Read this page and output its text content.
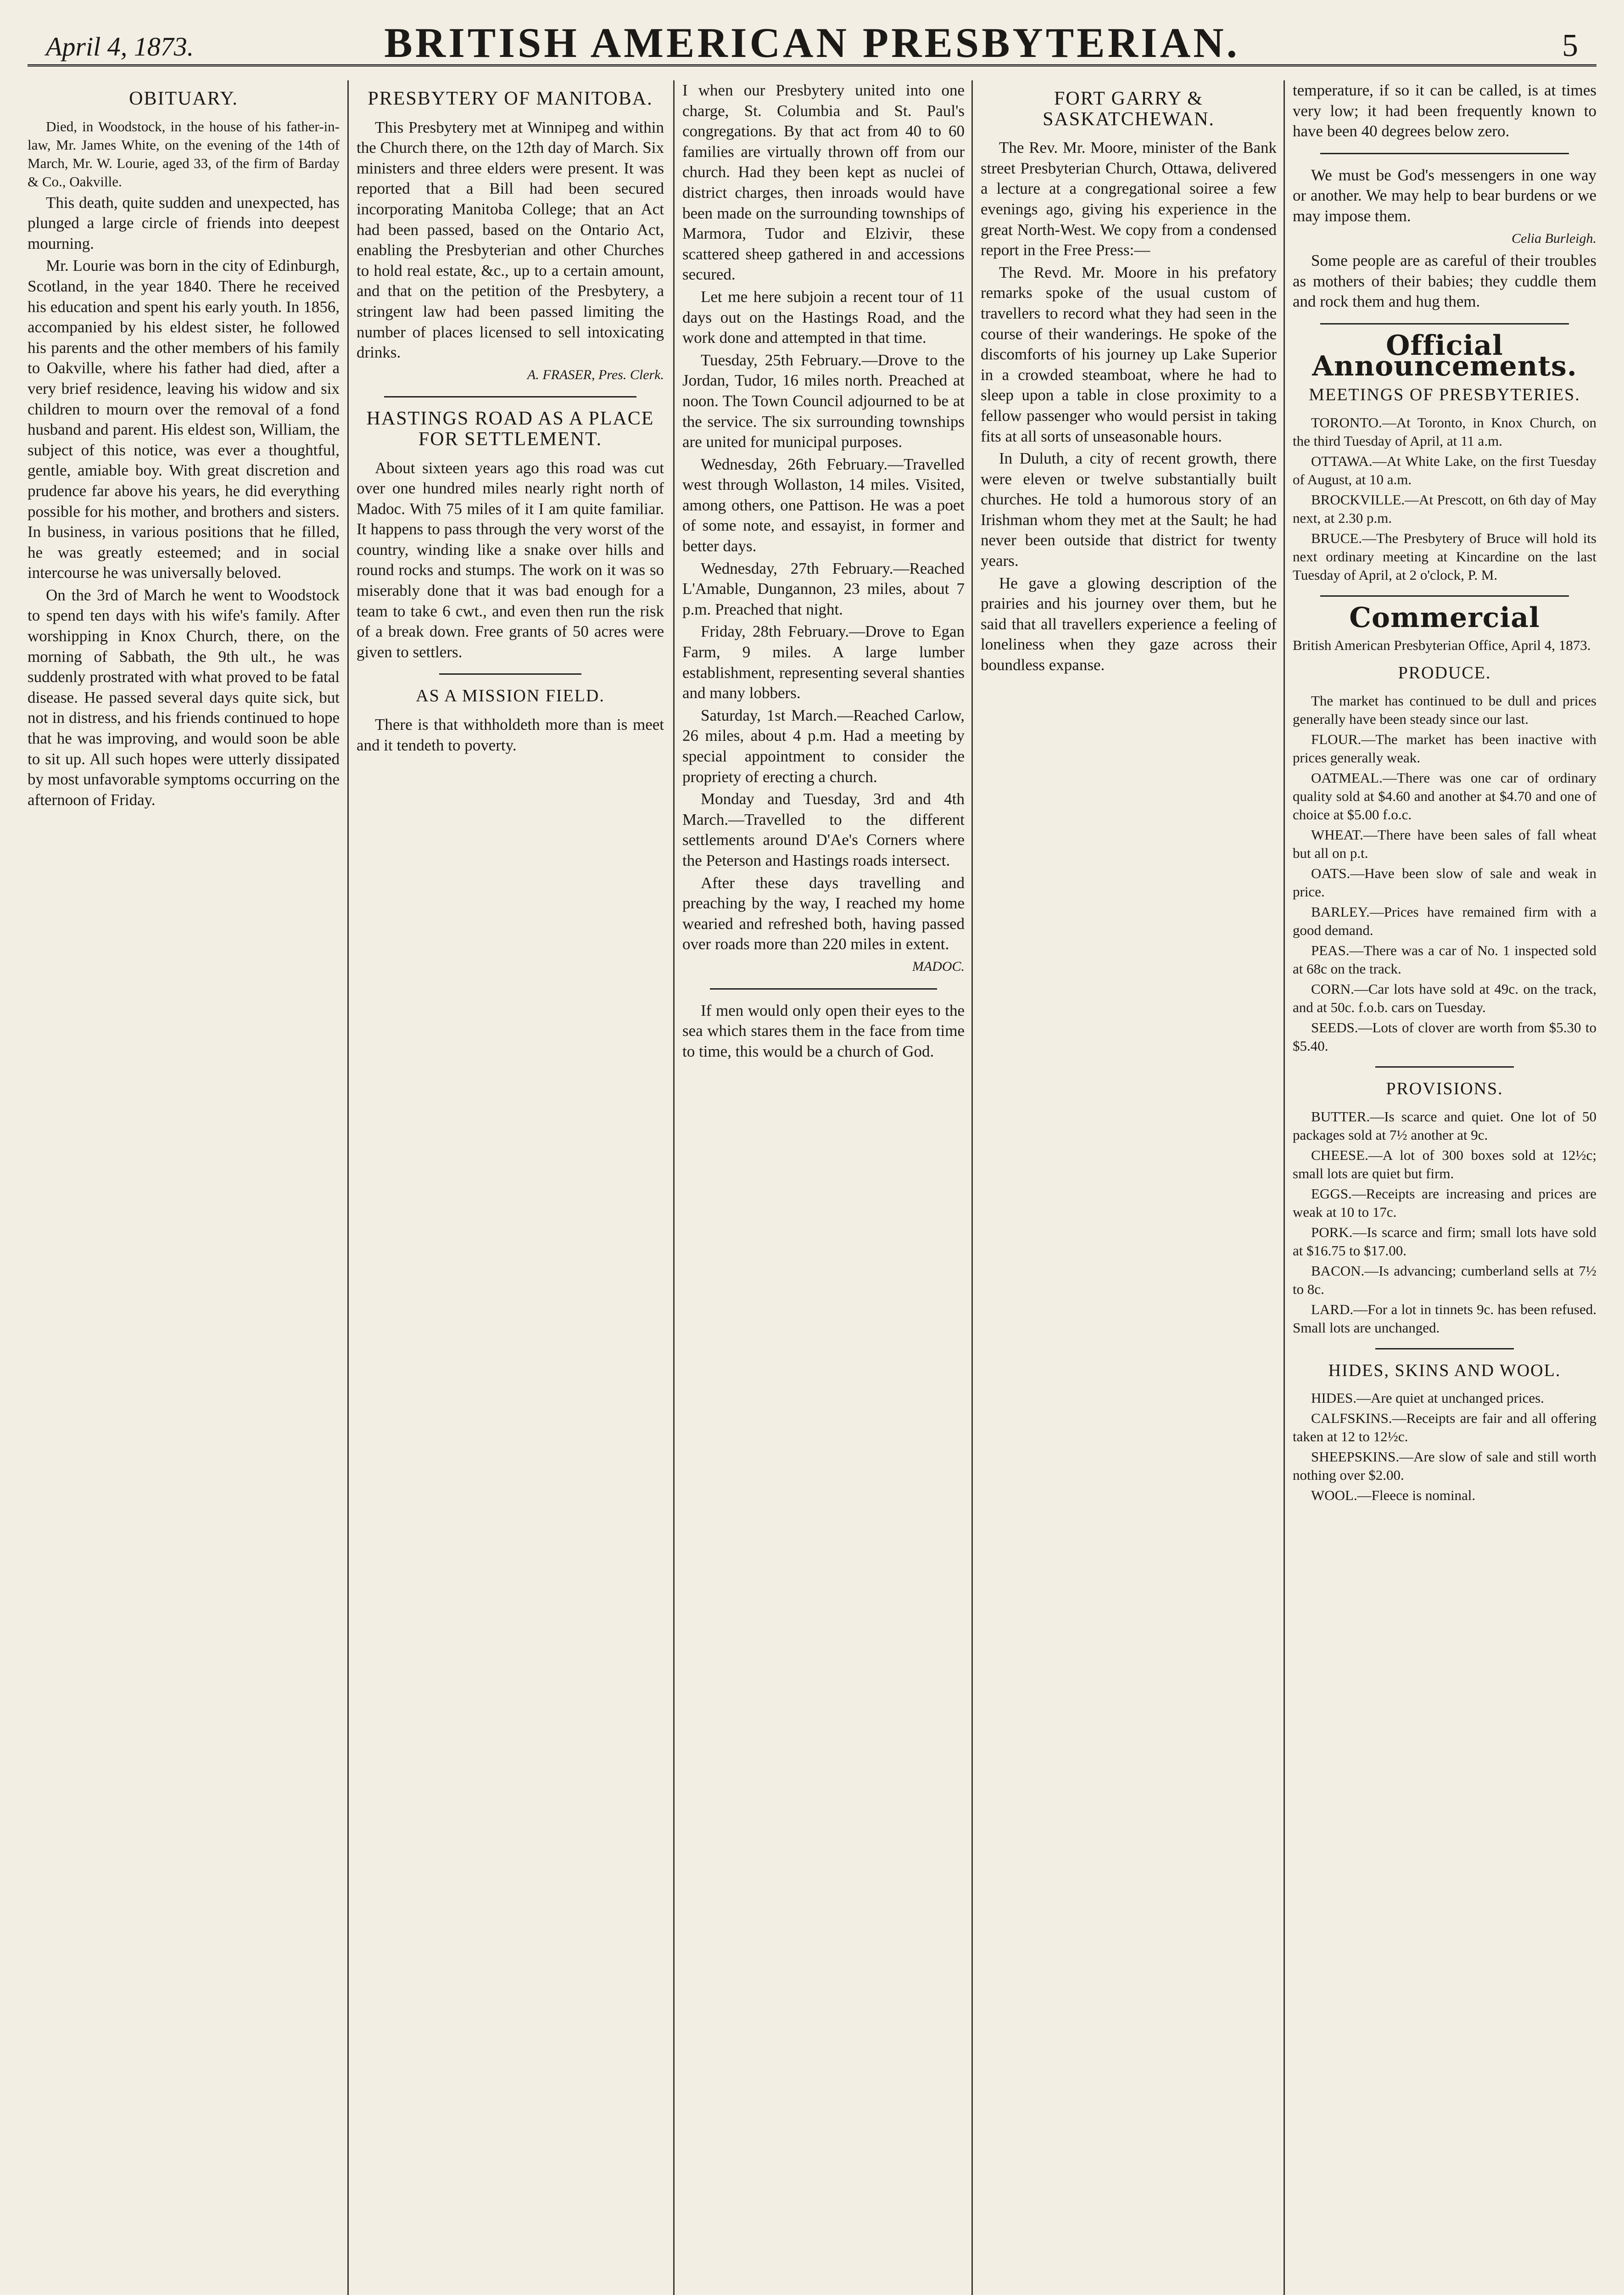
April 4, 1873.	BRITISH AMERICAN PRESBYTERIAN.	5
OBITUARY.

Died, in Woodstock, in the house of his father-in-law, Mr. James White, on the evening of the 14th of March, Mr. W. Lourie, aged 33, of the firm of Barday & Co., Oakville.

This death, quite sudden and unexpected, has plunged a large circle of friends into deepest mourning.

Mr. Lourie was born in the city of Edinburgh, Scotland, in the year 1840. There he received his education and spent his early youth. In 1856, accompanied by his eldest sister, he followed his parents and the other members of his family to Oakville, where his father had died, after a very brief residence, leaving his widow and six children to mourn over the removal of a fond husband and parent. His eldest son, William, the subject of this notice, was ever a thoughtful, gentle, amiable boy. With great discretion and prudence far above his years, he did everything possible for his mother, and brothers and sisters. In business, in various positions that he filled, he was greatly esteemed; and in social intercourse he was universally beloved.

On the 3rd of March he went to Woodstock to spend ten days with his wife's family. After worshipping in Knox Church, there, on the morning of Sabbath, the 9th ult., he was suddenly prostrated with what proved to be fatal disease. He passed several days quite sick, but not in distress, and his friends continued to hope that he was improving, and would soon be able to sit up. All such hopes were utterly dissipated by most unfavorable symptoms occurring on the afternoon of Friday.

PRESBYTERY OF MANITOBA.

This Presbytery met at Winnipeg and within the Church there, on the 12th day of March. Six ministers and three elders were present. It was reported that a Bill had been secured incorporating Manitoba College; that an Act had been passed, based on the Ontario Act, enabling the Presbyterian and other Churches to hold real estate, &c., up to a certain amount, and that on the petition of the Presbytery, a stringent law had been passed limiting the number of places licensed to sell intoxicating drinks.

A. FRASER, Pres. Clerk.

HASTINGS ROAD AS A PLACE FOR SETTLEMENT.

About sixteen years ago this road was cut over one hundred miles nearly right north of Madoc. With 75 miles of it I am quite familiar. It happens to pass through the very worst of the country, winding like a snake over hills and round rocks and stumps. The work on it was so miserably done that it was bad enough for a team to take 6 cwt., and even then run the risk of a break down. Free grants of 50 acres were given to settlers.

AS A MISSION FIELD.

There is that withholdeth more than is meet and it tendeth to poverty.

I when our Presbytery united into one charge, St. Columbia and St. Paul's congregations. By that act from 40 to 60 families are virtually thrown off from our church. Had they been kept as nuclei of district charges, then inroads would have been made on the surrounding townships of Marmora, Tudor and Elzivir, these scattered sheep gathered in and accessions secured.

Let me here subjoin a recent tour of 11 days out on the Hastings Road, and the work done and attempted in that time.

Tuesday, 25th February.—Drove to the Jordan, Tudor, 16 miles north. Preached at noon. The Town Council adjourned to be at the service. The six surrounding townships are united for municipal purposes.

Wednesday, 26th February.—Travelled west through Wollaston, 14 miles. Visited, among others, one Pattison. He was a poet of some note, and essayist, in former and better days.

Wednesday, 27th February.—Reached L'Amable, Dungannon, 23 miles, about 7 p.m. Preached that night.

Friday, 28th February.—Drove to Egan Farm, 9 miles. A large lumber establishment, representing several shanties and many lobbers.

Saturday, 1st March.—Reached Carlow, 26 miles, about 4 p.m. Had a meeting by special appointment to consider the propriety of erecting a church.

Monday and Tuesday, 3rd and 4th March.—Travelled to the different settlements around D'Ae's Corners where the Peterson and Hastings roads intersect.

After these days travelling and preaching by the way, I reached my home wearied and refreshed both, having passed over roads more than 220 miles in extent.

MADOC.

If men would only open their eyes to the sea which stares them in the face from time to time, this would be a church of God.

FORT GARRY & SASKATCHEWAN.

The Rev. Mr. Moore, minister of the Bank street Presbyterian Church, Ottawa, delivered a lecture at a congregational soiree a few evenings ago, giving his experience in the great North-West. We copy from a condensed report in the Free Press:—

The Revd. Mr. Moore in his prefatory remarks spoke of the usual custom of travellers to record what they had seen in the course of their wanderings. He spoke of the discomforts of his journey up Lake Superior in a crowded steamboat, where he had to sleep upon a table in close proximity to a fellow passenger who would persist in taking fits at all sorts of unseasonable hours.

In Duluth, a city of recent growth, there were eleven or twelve substantially built churches. He told a humorous story of an Irishman whom they met at the Sault; he had never been outside that district for twenty years.

He gave a glowing description of the prairies and his journey over them, but he said that all travellers experience a feeling of loneliness when they gaze across their boundless expanse.

temperature, if so it can be called, is at times very low; it had been frequently known to have been 40 degrees below zero.

We must be God's messengers in one way or another. We may help to bear burdens or we may impose them.

Celia Burleigh.

Some people are as careful of their troubles as mothers of their babies; they cuddle them and rock them and hug them.

Official Announcements.
MEETINGS OF PRESBYTERIES.

TORONTO.—At Toronto, in Knox Church, on the third Tuesday of April, at 11 a.m.

OTTAWA.—At White Lake, on the first Tuesday of August, at 10 a.m.

BROCKVILLE.—At Prescott, on 6th day of May next, at 2.30 p.m.

BRUCE.—The Presbytery of Bruce will hold its next ordinary meeting at Kincardine on the last Tuesday of April, at 2 o'clock, P. M.

Commercial

British American Presbyterian Office, April 4, 1873.

PRODUCE.

The market has continued to be dull and prices generally have been steady since our last.

FLOUR.—The market has been inactive with prices generally weak.

OATMEAL.—There was one car of ordinary quality sold at $4.60 and another at $4.70 and one of choice at $5.00 f.o.c.

WHEAT.—There have been sales of fall wheat but all on p.t.

OATS.—Have been slow of sale and weak in price.

BARLEY.—Prices have remained firm with a good demand.

PEAS.—There was a car of No. 1 inspected sold at 68c on the track.

CORN.—Car lots have sold at 49c. on the track, and at 50c. f.o.b. cars on Tuesday.

SEEDS.—Lots of clover are worth from $5.30 to $5.40.

PROVISIONS.

BUTTER.—Is scarce and quiet. One lot of 50 packages sold at 7½ another at 9c.

CHEESE.—A lot of 300 boxes sold at 12½c; small lots are quiet but firm.

EGGS.—Receipts are increasing and prices are weak at 10 to 17c.

PORK.—Is scarce and firm; small lots have sold at $16.75 to $17.00.

BACON.—Is advancing; cumberland sells at 7½ to 8c.

LARD.—For a lot in tinnets 9c. has been refused. Small lots are unchanged.

HIDES, SKINS AND WOOL.

HIDES.—Are quiet at unchanged prices.

CALFSKINS.—Receipts are fair and all offering taken at 12 to 12½c.

SHEEPSKINS.—Are slow of sale and still worth nothing over $2.00.

WOOL.—Fleece is nominal.
